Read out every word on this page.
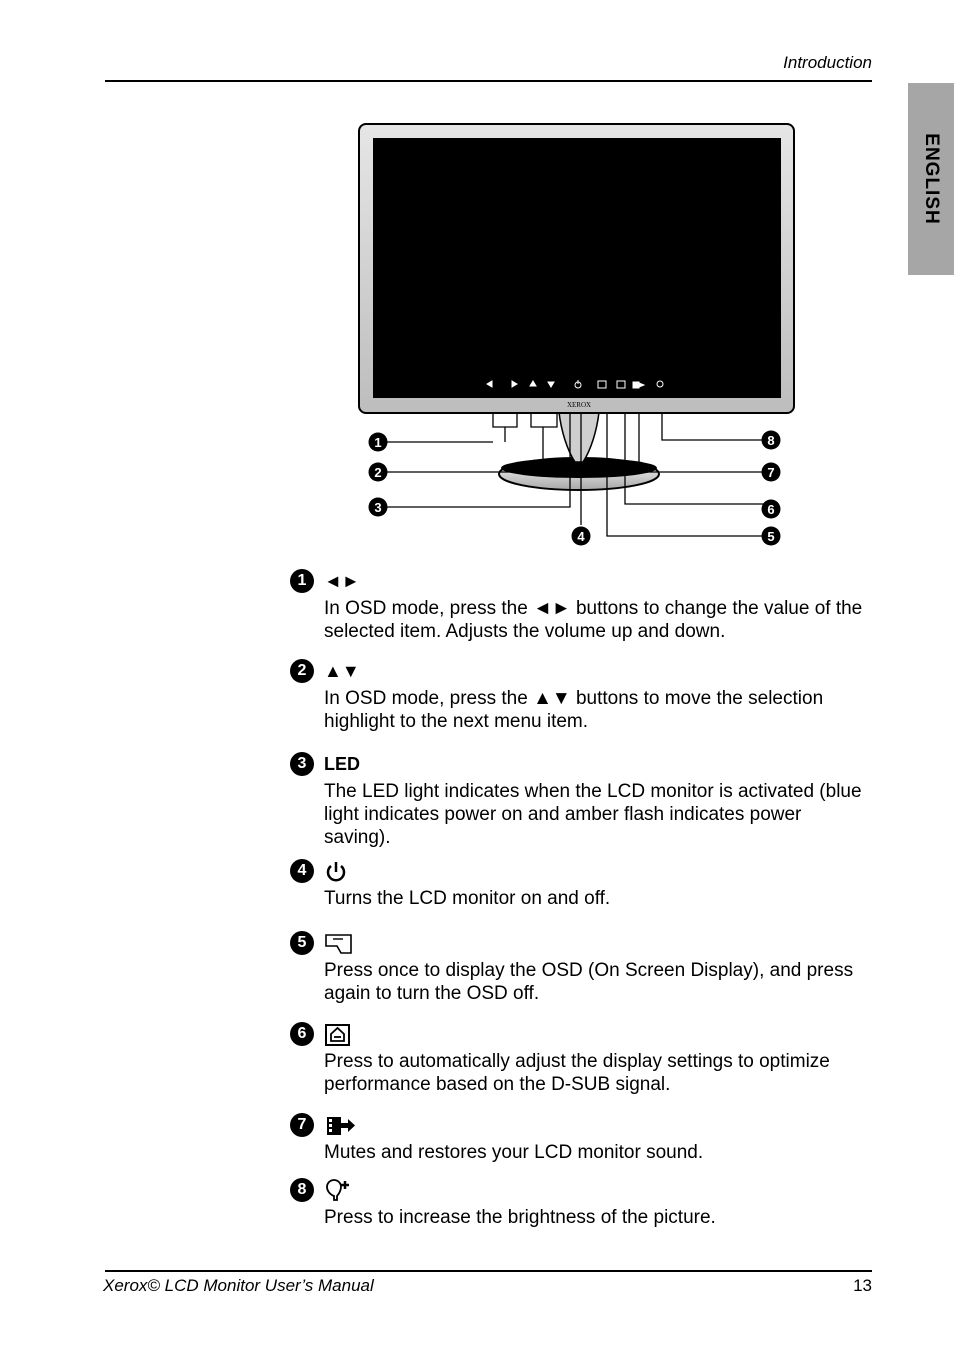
Introduction
ENGLISH
XEROX
1
2
3
4	5
6
7
8
1 ◄►
In OSD mode, press the ◄► buttons to change the value of the selected item. Adjusts the volume up and down.
2 ▲▼
In OSD mode, press the ▲▼ buttons to move the selection highlight to the next menu item.
3 LED
The LED light indicates when the LCD monitor is activated (blue light indicates power on and amber flash indicates power saving).
4
Turns the LCD monitor on and off.
5
Press once to display the OSD (On Screen Display), and press again to turn the OSD off.
6
Press to automatically adjust the display settings to optimize performance based on the D-SUB signal.
7
Mutes and restores your LCD monitor sound.
8
Press to increase the brightness of the picture.
Xerox© LCD Monitor User’s Manual	13
